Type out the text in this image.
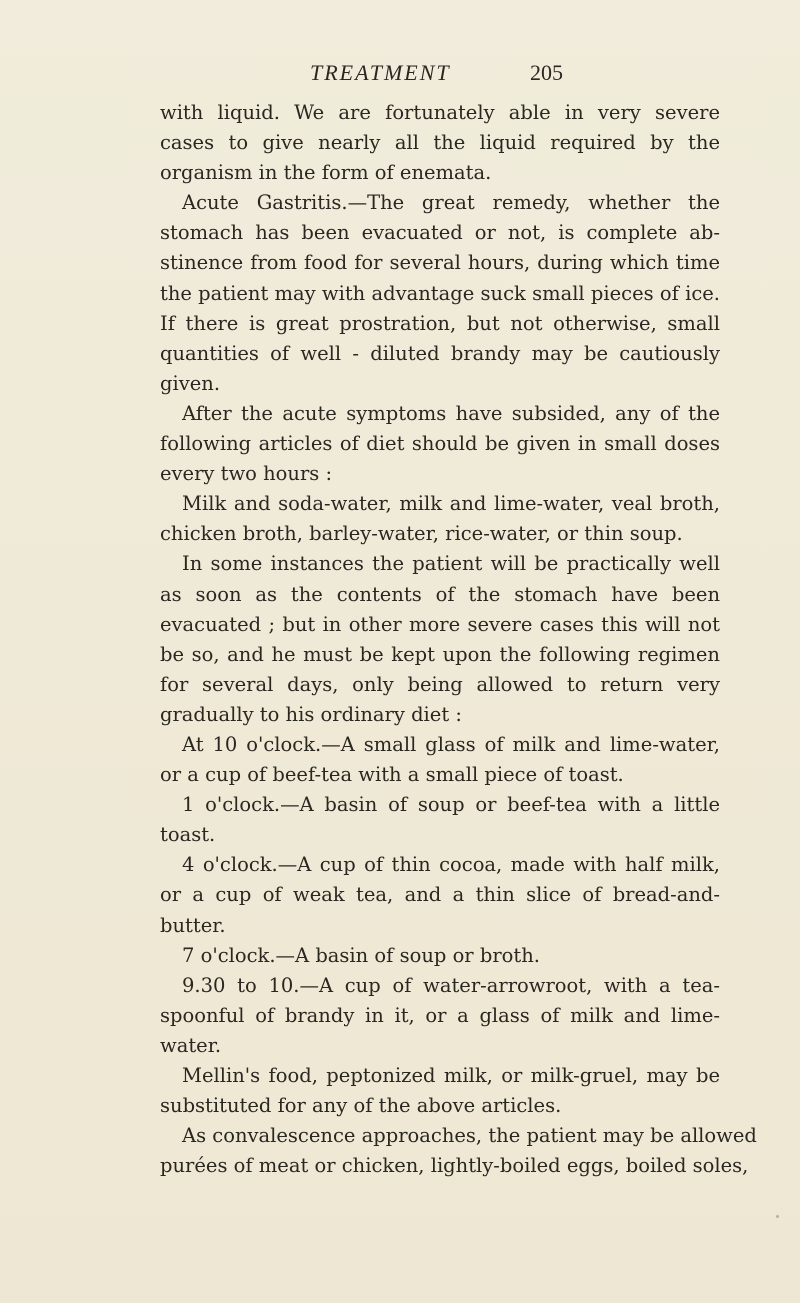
TREATMENT	205
with liquid. We are fortunately able in very severe
cases to give nearly all the liquid required by the
organism in the form of enemata.
Acute Gastritis.—The great remedy, whether the
stomach has been evacuated or not, is complete ab-
stinence from food for several hours, during which time
the patient may with advantage suck small pieces of ice.
If there is great prostration, but not otherwise, small
quantities of well - diluted brandy may be cautiously
given.
After the acute symptoms have subsided, any of the
following articles of diet should be given in small doses
every two hours :
Milk and soda-water, milk and lime-water, veal broth,
chicken broth, barley-water, rice-water, or thin soup.
In some instances the patient will be practically well
as soon as the contents of the stomach have been
evacuated ; but in other more severe cases this will not
be so, and he must be kept upon the following regimen
for several days, only being allowed to return very
gradually to his ordinary diet :
At 10 o'clock.—A small glass of milk and lime-water,
or a cup of beef-tea with a small piece of toast.
1 o'clock.—A basin of soup or beef-tea with a little
toast.
4 o'clock.—A cup of thin cocoa, made with half milk,
or a cup of weak tea, and a thin slice of bread-and-
butter.
7 o'clock.—A basin of soup or broth.
9.30 to 10.—A cup of water-arrowroot, with a tea-
spoonful of brandy in it, or a glass of milk and lime-
water.
Mellin's food, peptonized milk, or milk-gruel, may be
substituted for any of the above articles.
As convalescence approaches, the patient may be allowed
purées of meat or chicken, lightly-boiled eggs, boiled soles,
